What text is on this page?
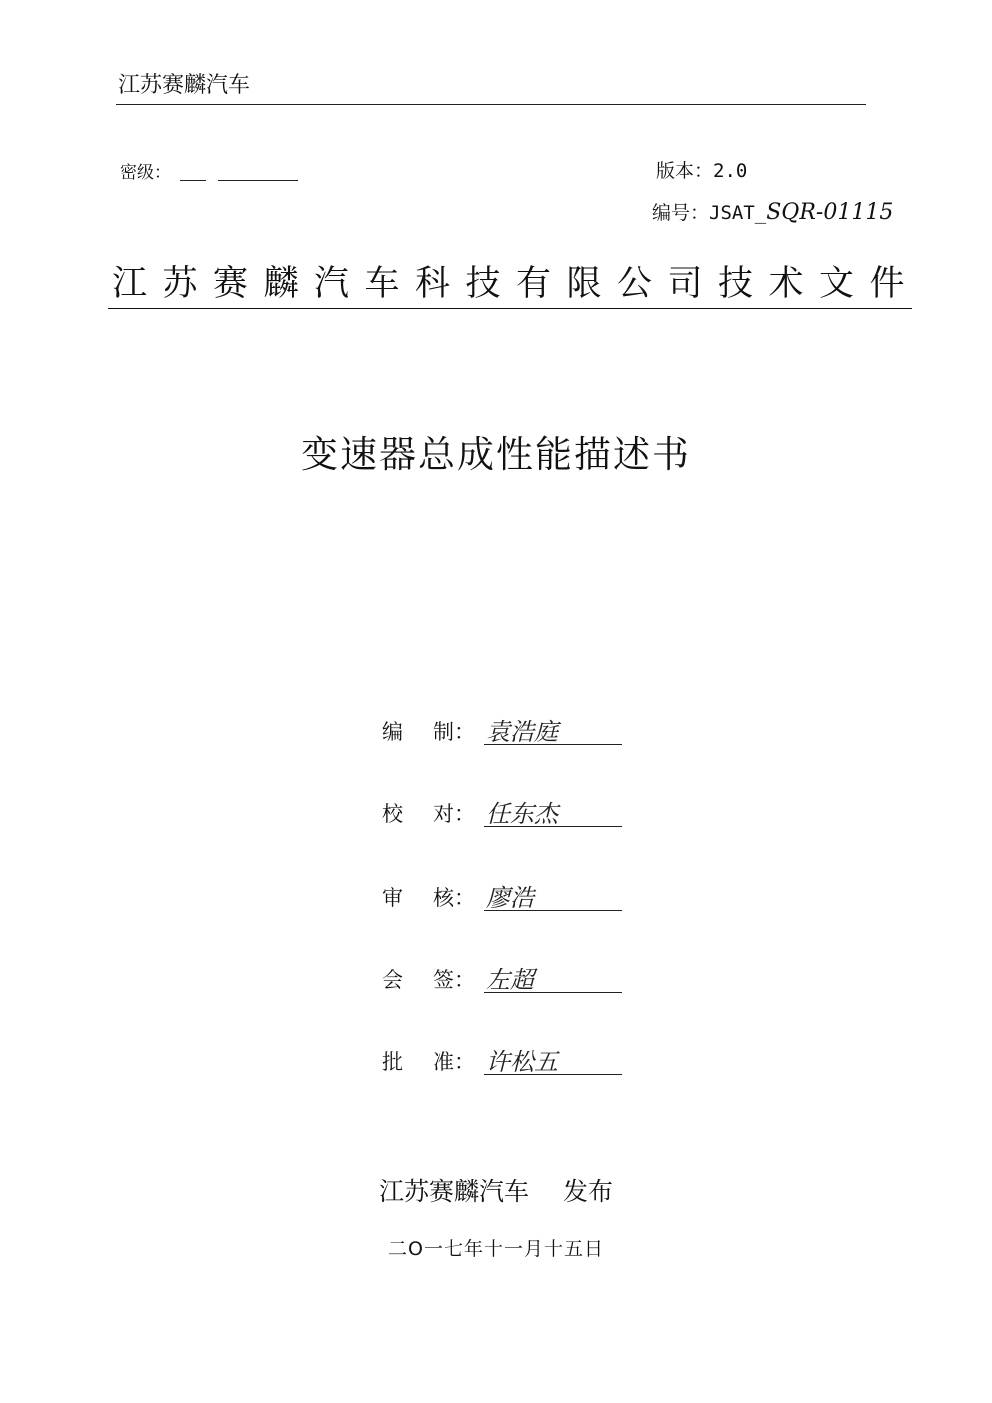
江苏赛麟汽车
密级：	版本：2.0
编号：JSAT_SQR-01115
江苏赛麟汽车科技有限公司技术文件
变速器总成性能描述书
编 制： 袁浩庭
校 对： 任东杰
审 核： 廖浩
会 签： 左超
批 准： 许松五
江苏赛麟汽车 发布
二O一七年十一月十五日
